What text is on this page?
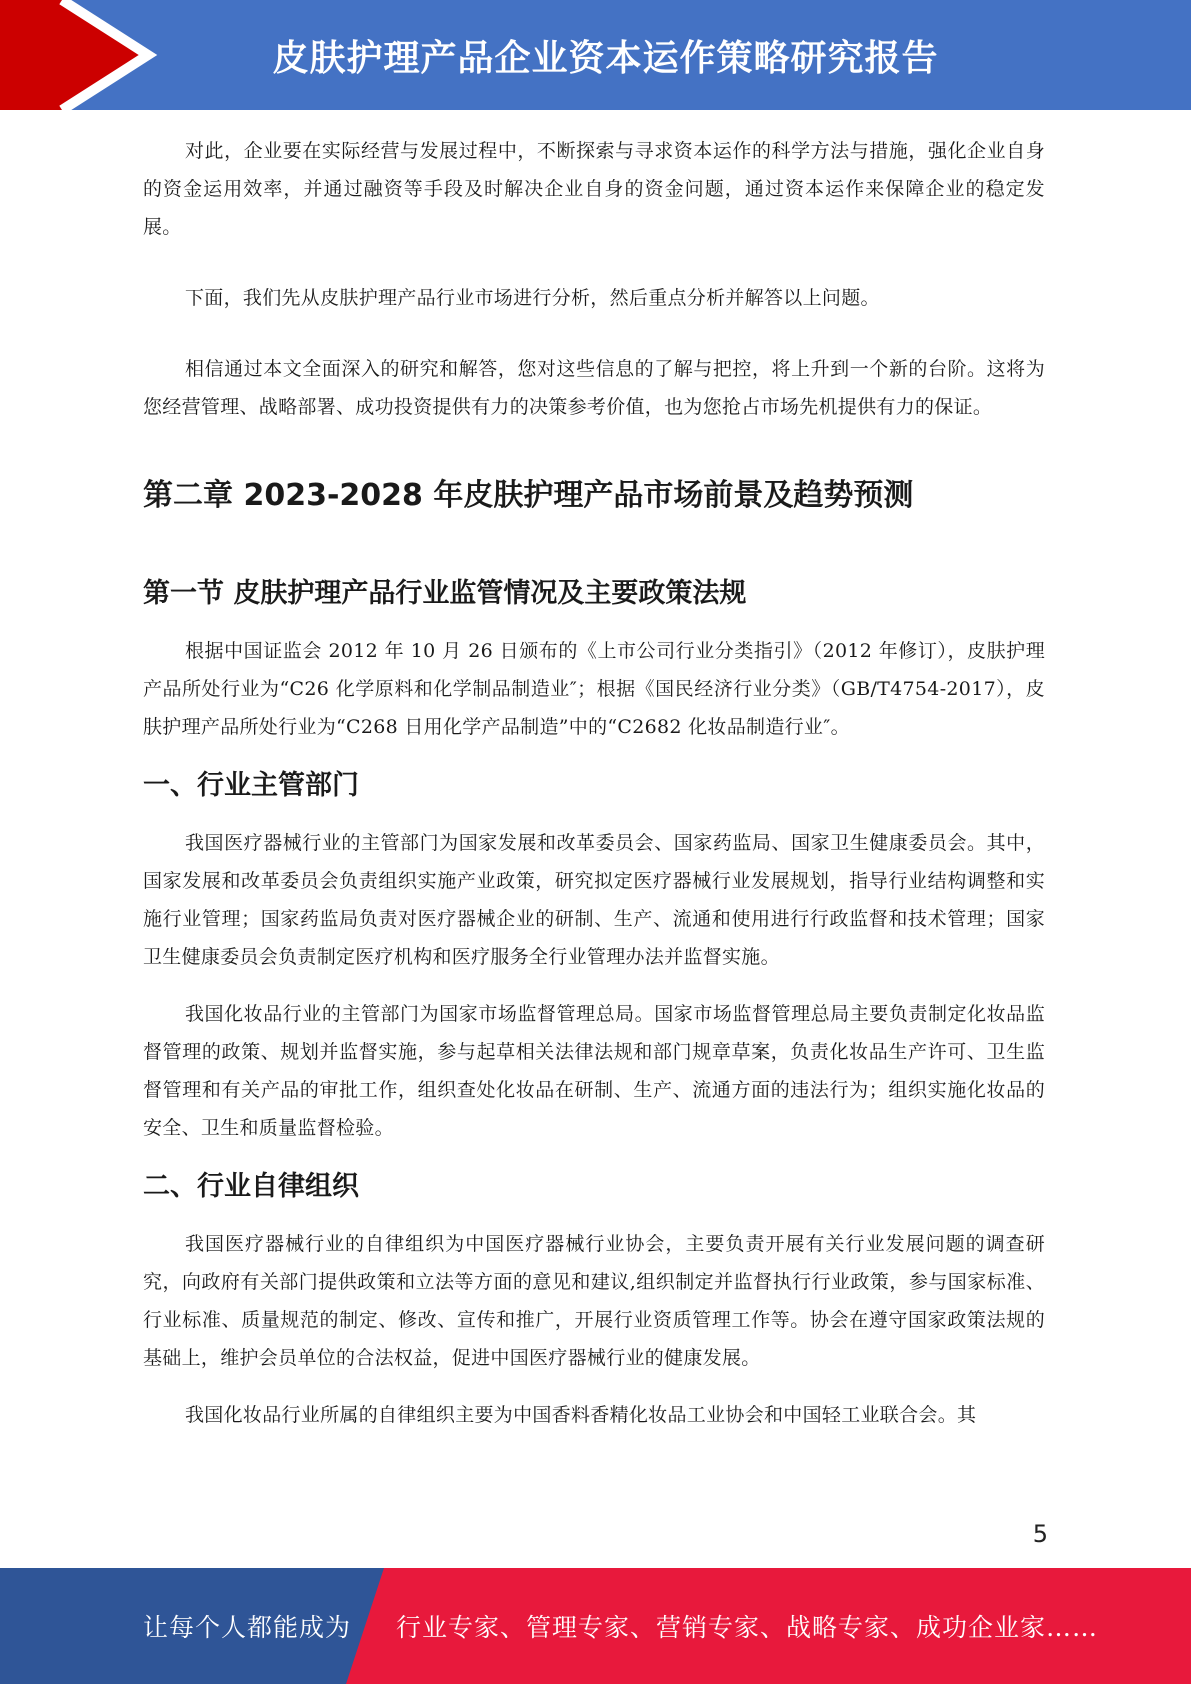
皮肤护理产品企业资本运作策略研究报告

对此，企业要在实际经营与发展过程中，不断探索与寻求资本运作的科学方法与措施，强化企业自身的资金运用效率，并通过融资等手段及时解决企业自身的资金问题，通过资本运作来保障企业的稳定发展。

下面，我们先从皮肤护理产品行业市场进行分析，然后重点分析并解答以上问题。

相信通过本文全面深入的研究和解答，您对这些信息的了解与把控，将上升到一个新的台阶。这将为您经营管理、战略部署、成功投资提供有力的决策参考价值，也为您抢占市场先机提供有力的保证。

第二章 2023-2028 年皮肤护理产品市场前景及趋势预测
第一节 皮肤护理产品行业监管情况及主要政策法规

根据中国证监会 2012 年 10 月 26 日颁布的《上市公司行业分类指引》（2012 年修订），皮肤护理产品所处行业为“C26 化学原料和化学制品制造业″；根据《国民经济行业分类》（GB/T4754-2017），皮肤护理产品所处行业为“C268 日用化学产品制造”中的“C2682 化妆品制造行业″。

一、行业主管部门

我国医疗器械行业的主管部门为国家发展和改革委员会、国家药监局、国家卫生健康委员会。其中，国家发展和改革委员会负责组织实施产业政策，研究拟定医疗器械行业发展规划，指导行业结构调整和实施行业管理；国家药监局负责对医疗器械企业的研制、生产、流通和使用进行行政监督和技术管理；国家卫生健康委员会负责制定医疗机构和医疗服务全行业管理办法并监督实施。

我国化妆品行业的主管部门为国家市场监督管理总局。国家市场监督管理总局主要负责制定化妆品监督管理的政策、规划并监督实施，参与起草相关法律法规和部门规章草案，负责化妆品生产许可、卫生监督管理和有关产品的审批工作，组织查处化妆品在研制、生产、流通方面的违法行为；组织实施化妆品的安全、卫生和质量监督检验。

二、行业自律组织

我国医疗器械行业的自律组织为中国医疗器械行业协会，主要负责开展有关行业发展问题的调查研究，向政府有关部门提供政策和立法等方面的意见和建议,组织制定并监督执行行业政策，参与国家标准、行业标准、质量规范的制定、修改、宣传和推广，开展行业资质管理工作等。协会在遵守国家政策法规的基础上，维护会员单位的合法权益，促进中国医疗器械行业的健康发展。

我国化妆品行业所属的自律组织主要为中国香料香精化妆品工业协会和中国轻工业联合会。其

5
让每个人都能成为 行业专家、管理专家、营销专家、战略专家、成功企业家……
